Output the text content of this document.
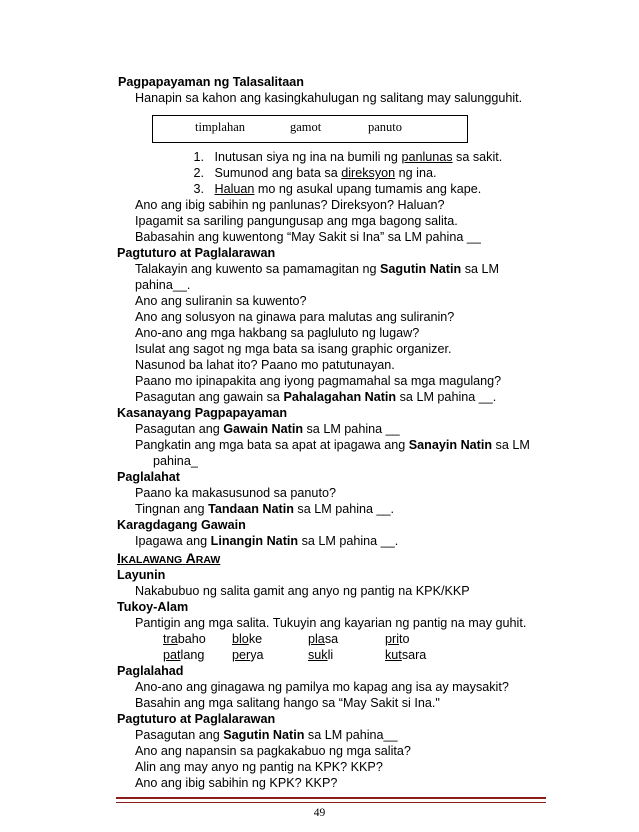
Pagpapayaman ng Talasalitaan
Hanapin sa kahon ang kasingkahulugan ng salitang may salungguhit.
timplahan	gamot	panuto
1. Inutusan siya ng ina na bumili ng panlunas sa sakit.
2. Sumunod ang bata sa direksyon ng ina.
3. Haluan mo ng asukal upang tumamis ang kape.
Ano ang ibig sabihin ng panlunas? Direksyon? Haluan?
Ipagamit sa sariling pangungusap ang mga bagong salita.
Babasahin ang kuwentong “May Sakit si Ina” sa LM pahina __
Pagtuturo at Paglalarawan
Talakayin ang kuwento sa pamamagitan ng Sagutin Natin sa LM
pahina__.
Ano ang suliranin sa kuwento?
Ano ang solusyon na ginawa para malutas ang suliranin?
Ano-ano ang mga hakbang sa pagluluto ng lugaw?
Isulat ang sagot ng mga bata sa isang graphic organizer.
Nasunod ba lahat ito? Paano mo patutunayan.
Paano mo ipinapakita ang iyong pagmamahal sa mga magulang?
Pasagutan ang gawain sa Pahalagahan Natin sa LM pahina __.
Kasanayang Pagpapayaman
Pasagutan ang Gawain Natin sa LM pahina __
Pangkatin ang mga bata sa apat at ipagawa ang Sanayin Natin sa LM
pahina_
Paglalahat
Paano ka makasusunod sa panuto?
Tingnan ang Tandaan Natin sa LM pahina __.
Karagdagang Gawain
Ipagawa ang Linangin Natin sa LM pahina __.
IKALAWANG ARAW
Layunin
Nakabubuo ng salita gamit ang anyo ng pantig na KPK/KKP
Tukoy-Alam
Pantigin ang mga salita. Tukuyin ang kayarian ng pantig na may guhit.
trabaho bloke	plasa	prito
patlang perya	sukli	kutsara
Paglalahad
Ano-ano ang ginagawa ng pamilya mo kapag ang isa ay maysakit?
Basahin ang mga salitang hango sa “May Sakit si Ina."
Pagtuturo at Paglalarawan
Pasagutan ang Sagutin Natin sa LM pahina__
Ano ang napansin sa pagkakabuo ng mga salita?
Alin ang may anyo ng pantig na KPK? KKP?
Ano ang ibig sabihin ng KPK? KKP?
49
